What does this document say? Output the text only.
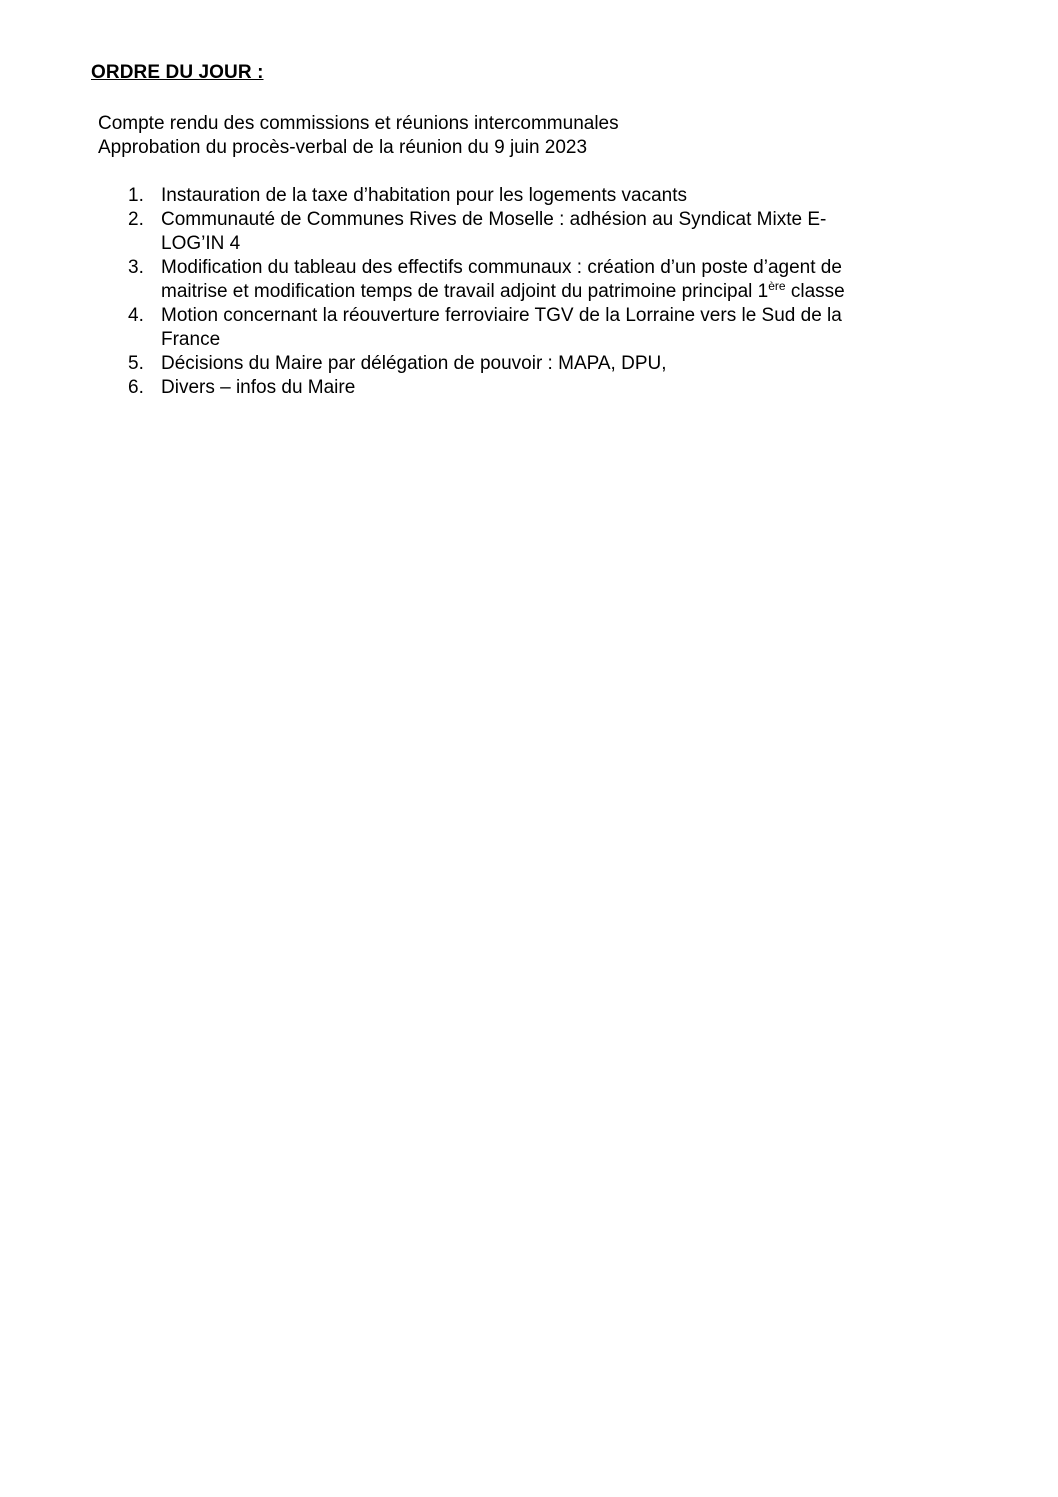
ORDRE DU JOUR :
Compte rendu des commissions et réunions intercommunales
Approbation du procès-verbal de la réunion du 9 juin 2023
1. Instauration de la taxe d’habitation pour les logements vacants
2. Communauté de Communes Rives de Moselle : adhésion au Syndicat Mixte E-
LOG’IN 4
3. Modification du tableau des effectifs communaux : création d’un poste d’agent de
maitrise et modification temps de travail adjoint du patrimoine principal 1ère classe
4. Motion concernant la réouverture ferroviaire TGV de la Lorraine vers le Sud de la
France
5. Décisions du Maire par délégation de pouvoir : MAPA, DPU,
6. Divers – infos du Maire
